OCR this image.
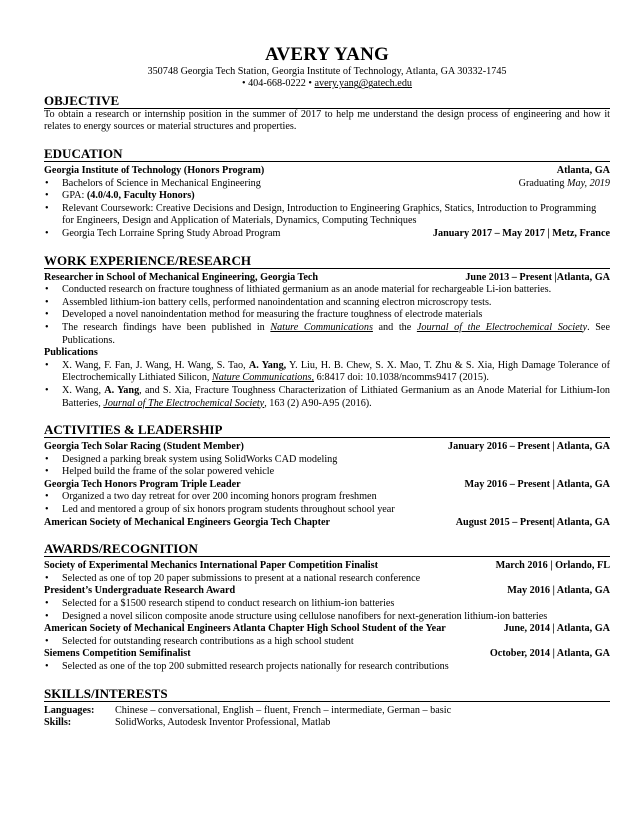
AVERY YANG
350748 Georgia Tech Station, Georgia Institute of Technology, Atlanta, GA 30332-1745
• 404-668-0222 • avery.yang@gatech.edu
OBJECTIVE
To obtain a research or internship position in the summer of 2017 to help me understand the design process of engineering and how it relates to energy sources or material structures and properties.
EDUCATION
Georgia Institute of Technology (Honors Program)	Atlanta, GA
• Bachelors of Science in Mechanical Engineering	Graduating May, 2019
• GPA: (4.0/4.0, Faculty Honors)
• Relevant Coursework: Creative Decisions and Design, Introduction to Engineering Graphics, Statics, Introduction to Programming for Engineers, Design and Application of Materials, Dynamics, Computing Techniques
• Georgia Tech Lorraine Spring Study Abroad Program	January 2017 – May 2017 | Metz, France
WORK EXPERIENCE/RESEARCH
Researcher in School of Mechanical Engineering, Georgia Tech	June 2013 – Present |Atlanta, GA
• Conducted research on fracture toughness of lithiated germanium as an anode material for rechargeable Li-ion batteries.
• Assembled lithium-ion battery cells, performed nanoindentation and scanning electron microscropy tests.
• Developed a novel nanoindentation method for measuring the fracture toughness of electrode materials
• The research findings have been published in Nature Communications and the Journal of the Electrochemical Society. See Publications.
Publications
• X. Wang, F. Fan, J. Wang, H. Wang, S. Tao, A. Yang, Y. Liu, H. B. Chew, S. X. Mao, T. Zhu & S. Xia, High Damage Tolerance of Electrochemically Lithiated Silicon, Nature Communications, 6:8417 doi: 10.1038/ncomms9417 (2015).
• X. Wang, A. Yang, and S. Xia, Fracture Toughness Characterization of Lithiated Germanium as an Anode Material for Lithium-Ion Batteries, Journal of The Electrochemical Society, 163 (2) A90-A95 (2016).
ACTIVITIES & LEADERSHIP
Georgia Tech Solar Racing (Student Member)	January 2016 – Present | Atlanta, GA
• Designed a parking break system using SolidWorks CAD modeling
• Helped build the frame of the solar powered vehicle
Georgia Tech Honors Program Triple Leader	May 2016 – Present | Atlanta, GA
• Organized a two day retreat for over 200 incoming honors program freshmen
• Led and mentored a group of six honors program students throughout school year
American Society of Mechanical Engineers Georgia Tech Chapter	August 2015 – Present| Atlanta, GA
AWARDS/RECOGNITION
Society of Experimental Mechanics International Paper Competition Finalist	March 2016 | Orlando, FL
• Selected as one of top 20 paper submissions to present at a national research conference
President’s Undergraduate Research Award	May 2016 | Atlanta, GA
• Selected for a $1500 research stipend to conduct research on lithium-ion batteries
• Designed a novel silicon composite anode structure using cellulose nanofibers for next-generation lithium-ion batteries
American Society of Mechanical Engineers Atlanta Chapter High School Student of the Year	June, 2014 | Atlanta, GA
• Selected for outstanding research contributions as a high school student
Siemens Competition Semifinalist	October, 2014 | Atlanta, GA
• Selected as one of the top 200 submitted research projects nationally for research contributions
SKILLS/INTERESTS
Languages:	Chinese – conversational, English – fluent, French – intermediate, German – basic
Skills:	SolidWorks, Autodesk Inventor Professional, Matlab
